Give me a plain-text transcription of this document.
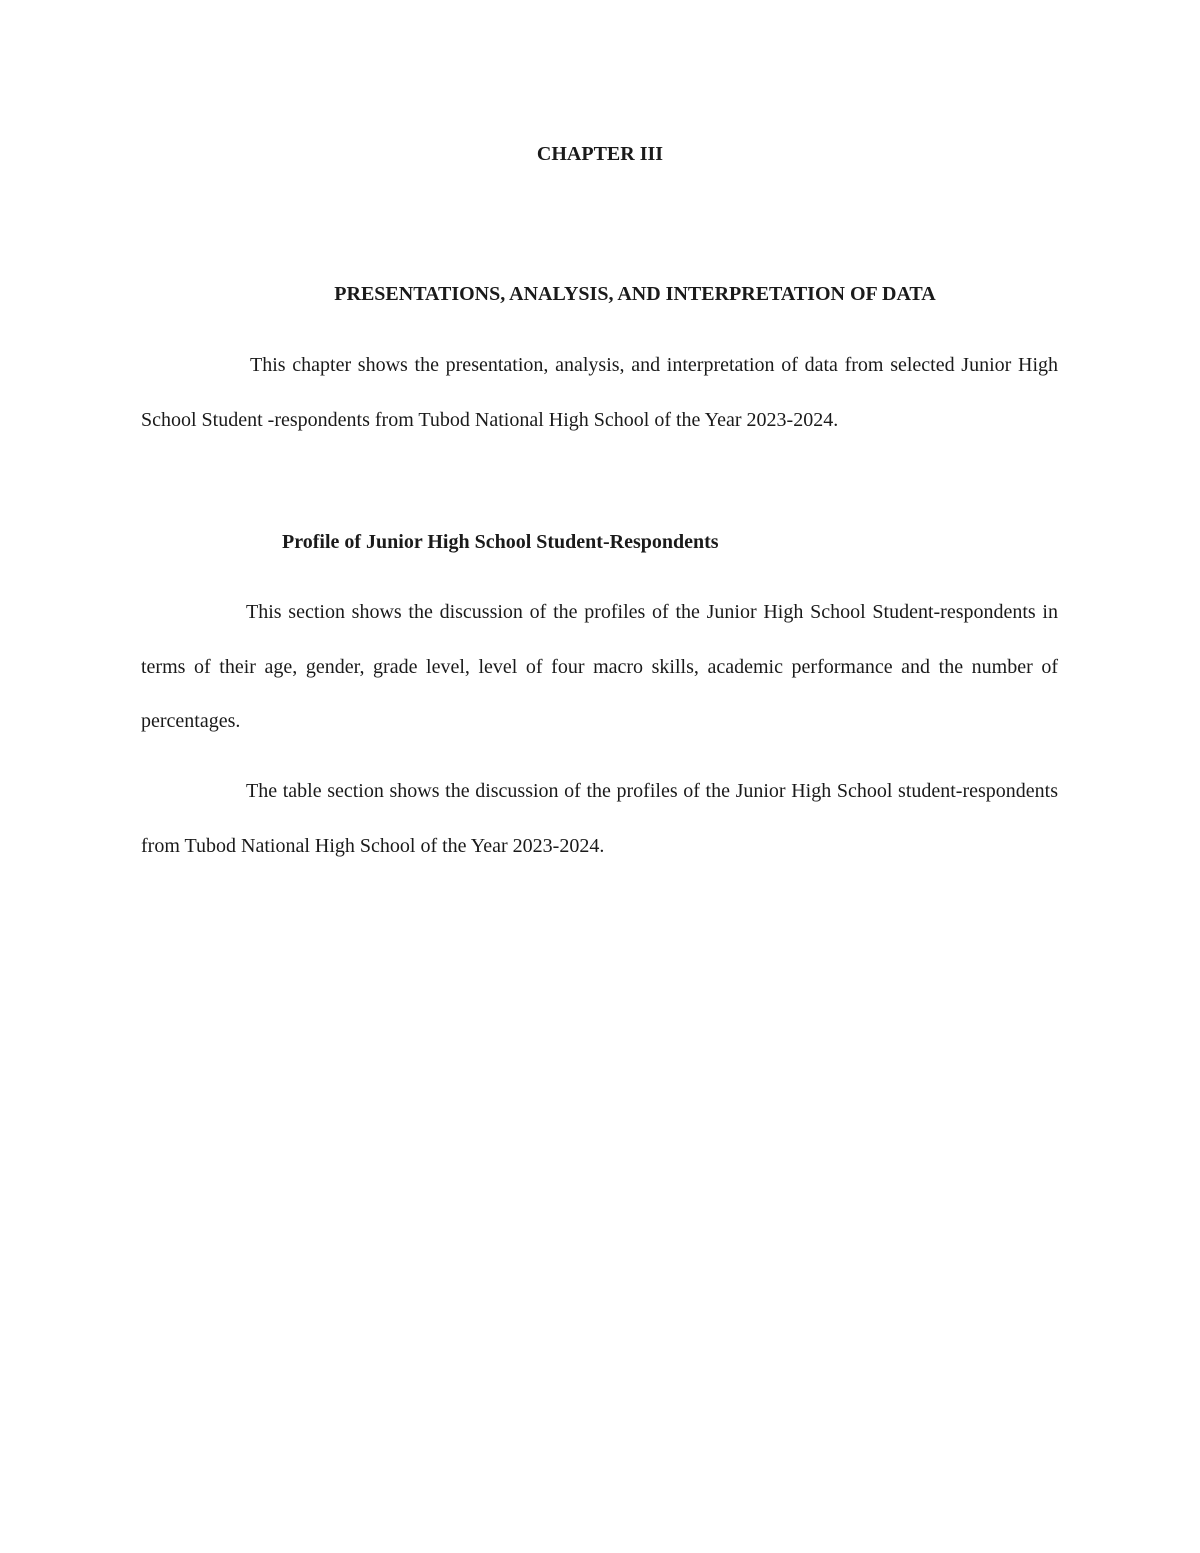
CHAPTER III
PRESENTATIONS, ANALYSIS, AND INTERPRETATION OF DATA

This chapter shows the presentation, analysis, and interpretation of data from selected Junior High School Student -respondents from Tubod National High School of the Year 2023-2024.

Profile of Junior High School Student-Respondents

This section shows the discussion of the profiles of the Junior High School Student-respondents in terms of their age, gender, grade level, level of four macro skills, academic performance and the number of percentages.

The table section shows the discussion of the profiles of the Junior High School student-respondents from Tubod National High School of the Year 2023-2024.
